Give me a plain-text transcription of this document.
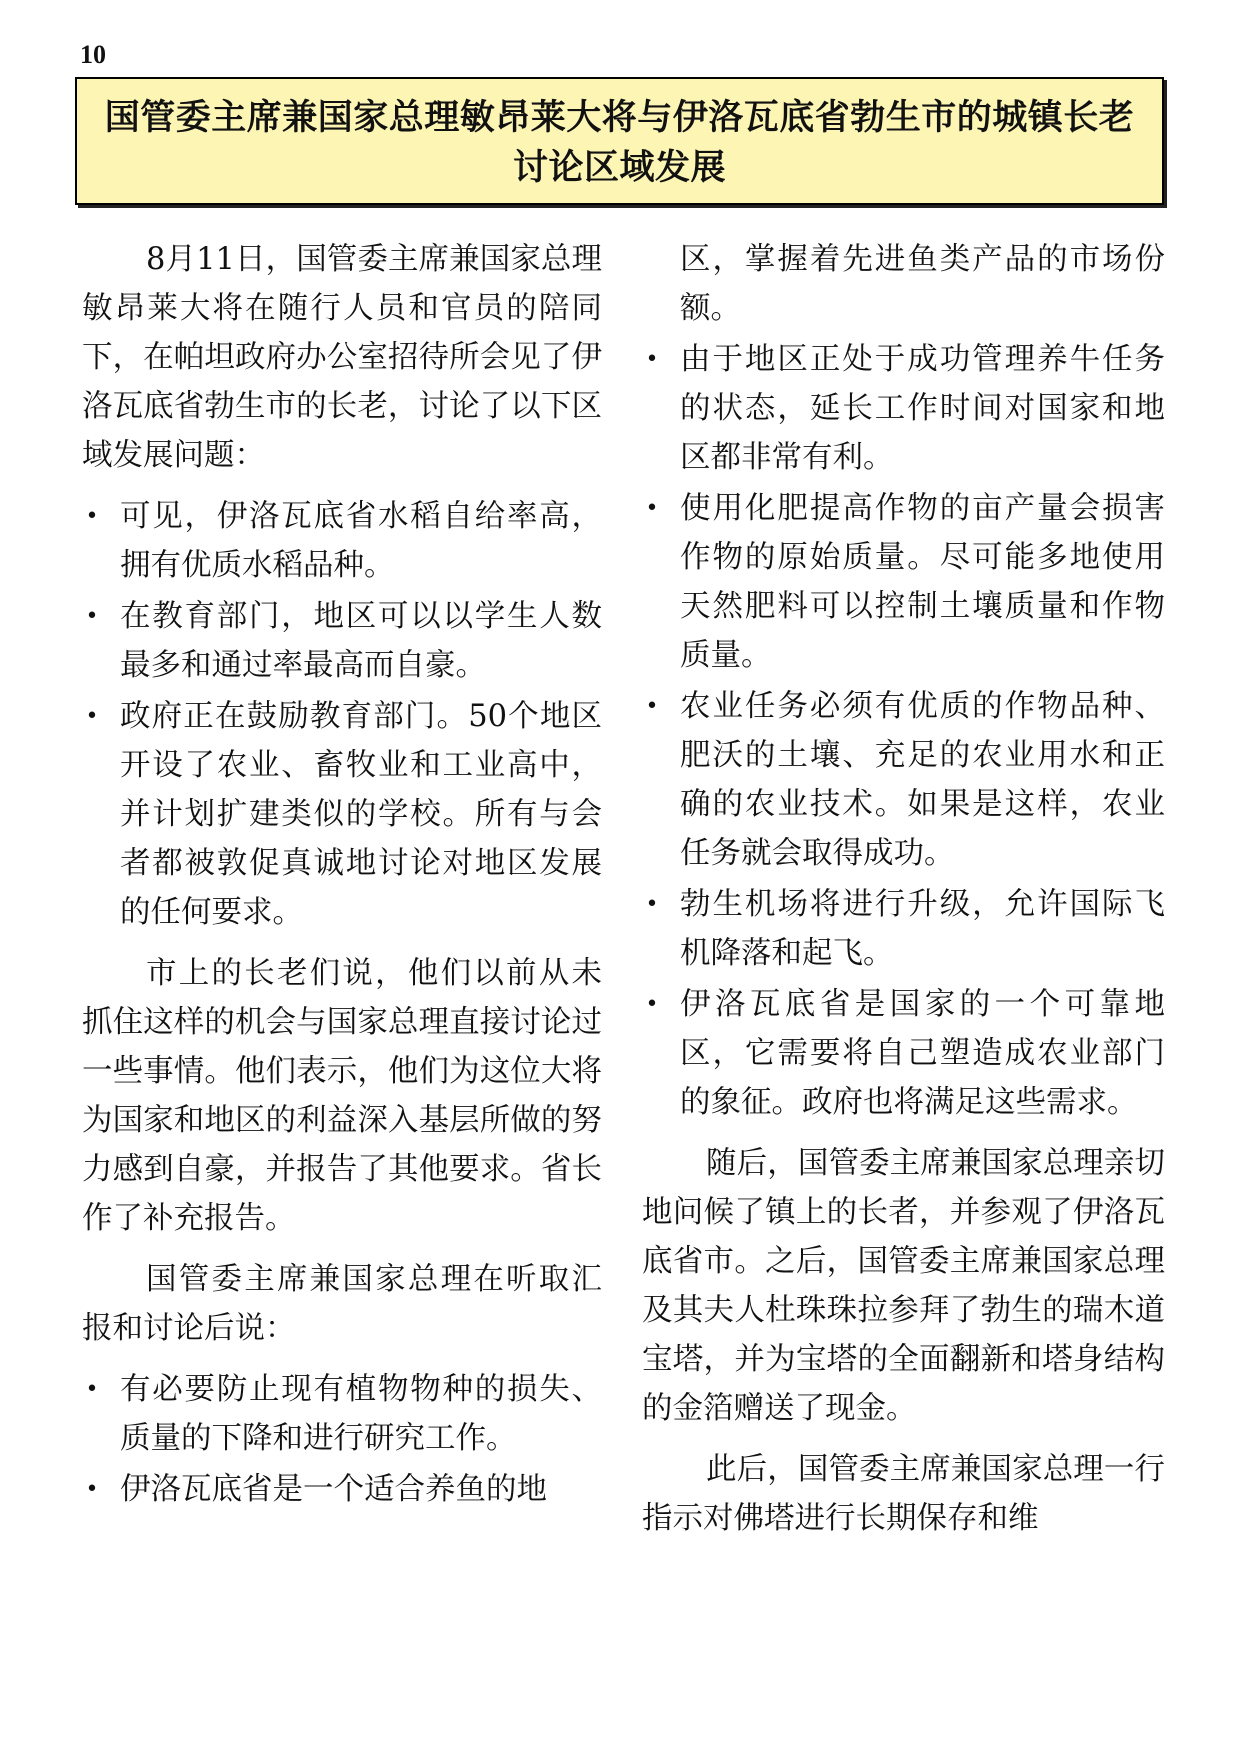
10
国管委主席兼国家总理敏昂莱大将与伊洛瓦底省勃生市的城镇长老讨论区域发展

8月11日，国管委主席兼国家总理敏昂莱大将在随行人员和官员的陪同下，在帕坦政府办公室招待所会见了伊洛瓦底省勃生市的长老，讨论了以下区域发展问题：

• 可见，伊洛瓦底省水稻自给率高，拥有优质水稻品种。
• 在教育部门，地区可以以学生人数最多和通过率最高而自豪。
• 政府正在鼓励教育部门。50个地区开设了农业、畜牧业和工业高中，并计划扩建类似的学校。所有与会者都被敦促真诚地讨论对地区发展的任何要求。

市上的长老们说，他们以前从未抓住这样的机会与国家总理直接讨论过一些事情。他们表示，他们为这位大将为国家和地区的利益深入基层所做的努力感到自豪，并报告了其他要求。省长作了补充报告。

国管委主席兼国家总理在听取汇报和讨论后说：

• 有必要防止现有植物物种的损失、质量的下降和进行研究工作。
• 伊洛瓦底省是一个适合养鱼的地
区，掌握着先进鱼类产品的市场份额。
• 由于地区正处于成功管理养牛任务的状态，延长工作时间对国家和地区都非常有利。
• 使用化肥提高作物的亩产量会损害作物的原始质量。尽可能多地使用天然肥料可以控制土壤质量和作物质量。
• 农业任务必须有优质的作物品种、肥沃的土壤、充足的农业用水和正确的农业技术。如果是这样，农业任务就会取得成功。
• 勃生机场将进行升级，允许国际飞机降落和起飞。
• 伊洛瓦底省是国家的一个可靠地区，它需要将自己塑造成农业部门的象征。政府也将满足这些需求。

随后，国管委主席兼国家总理亲切地问候了镇上的长者，并参观了伊洛瓦底省市。之后，国管委主席兼国家总理及其夫人杜珠珠拉参拜了勃生的瑞木道宝塔，并为宝塔的全面翻新和塔身结构的金箔赠送了现金。

此后，国管委主席兼国家总理一行指示对佛塔进行长期保存和维
